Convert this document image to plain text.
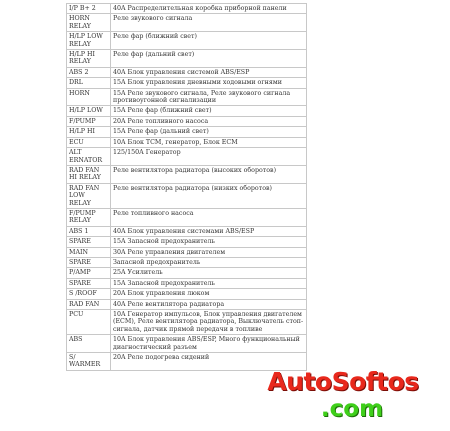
I/P B+ 2	40A Распределительная коробка приборной панели
HORN RELAY	Реле звукового сигнала
H/LP LOW RELAY	Реле фар (ближний свет)
H/LP HI RELAY	Реле фар (дальний свет)
ABS 2	40A Блок управления системой ABS/ESP
DRL	15A Блок управления дневными ходовыми огнями
HORN	15A Реле звукового сигнала, Реле звукового сигнала противоугонной сигнализации
H/LP LOW	15A Реле фар (ближний свет)
F/PUMP	20A Реле топливного насоса
H/LP HI	15A Реле фар (дальний свет)
ECU	10A Блок TCM, генератор, Блок ECM
ALT ERNATOR	125/150A Генератор
RAD FAN HI RELAY	Реле вентилятора радиатора (высоких оборотов)
RAD FAN LOW RELAY	Реле вентилятора радиатора (низких оборотов)
F/PUMP RELAY	Реле топливного насоса
ABS 1	40A Блок управления системами ABS/ESP
SPARE	15A Запасной предохранитель
MAIN	30A Реле управления двигателем
SPARE	Запасной предохранитель
P/AMP	25A Усилитель
SPARE	15A Запасной предохранитель
S /ROOF	20A Блок управления люком
RAD FAN	40A Реле вентилятора радиатора
PCU	10A Генератор импульсов, Блок управления двигателем (ECM), Реле вентилятора радиатора, Выключатель стоп-сигнала, датчик прямой передачи в топливе
ABS	10A Блок управления ABS/ESP, Много функциональный диагностический разъем
S/ WARMER	20A Реле подогрева сидений
AutoSoftos
.com
